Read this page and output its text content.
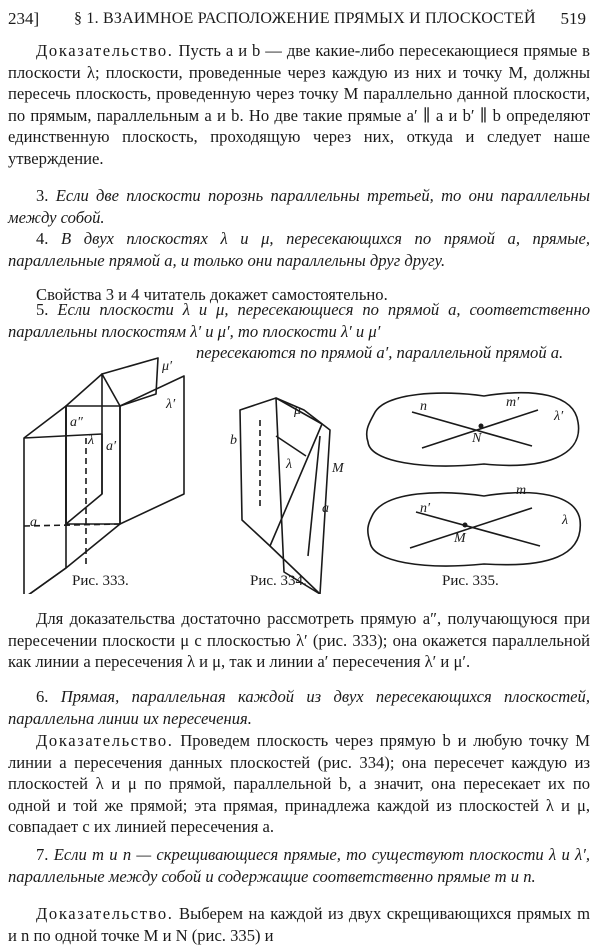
234] § 1. ВЗАИМНОЕ РАСПОЛОЖЕНИЕ ПРЯМЫХ И ПЛОСКОСТЕЙ 519
Доказательство. Пусть a и b — две какие-либо пересекающиеся прямые в плоскости λ; плоскости, проведенные через каждую из них и точку M, должны пересечь плоскость, проведенную через точку M параллельно данной плоскости, по прямым, параллельным a и b. Но две такие прямые a′ ∥ a и b′ ∥ b определяют единственную плоскость, проходящую через них, откуда и следует наше утверждение.
3. Если две плоскости порознь параллельны третьей, то они параллельны между собой.
4. В двух плоскостях λ и μ, пересекающихся по прямой a, прямые, параллельные прямой a, и только они параллельны друг другу.
Свойства 3 и 4 читатель докажет самостоятельно.
5. Если плоскости λ и μ, пересекающиеся по прямой a, соответственно параллельны плоскостям λ′ и μ′, то плоскости λ′ и μ′
пересекаются по прямой a′, параллельной прямой a.
μ′
λ′
a″
a′
λ
a
μ
b
λ	M
a
n	m′
N
λ′
n′
m
M
λ
Рис. 333.	Рис. 334.	Рис. 335.
Для доказательства достаточно рассмотреть прямую a″, получающуюся при пересечении плоскости μ с плоскостью λ′ (рис. 333); она окажется параллельной как линии a пересечения λ и μ, так и линии a′ пересечения λ′ и μ′.
6. Прямая, параллельная каждой из двух пересекающихся плоскостей, параллельна линии их пересечения.
Доказательство. Проведем плоскость через прямую b и любую точку M линии a пересечения данных плоскостей (рис. 334); она пересечет каждую из плоскостей λ и μ по прямой, параллельной b, а значит, она пересекает их по одной и той же прямой; эта прямая, принадлежа каждой из плоскостей λ и μ, совпадает с их линией пересечения a.
7. Если m и n — скрещивающиеся прямые, то существуют плоскости λ и λ′, параллельные между собой и содержащие соответственно прямые m и n.
Доказательство. Выберем на каждой из двух скрещивающихся прямых m и n по одной точке M и N (рис. 335) и
